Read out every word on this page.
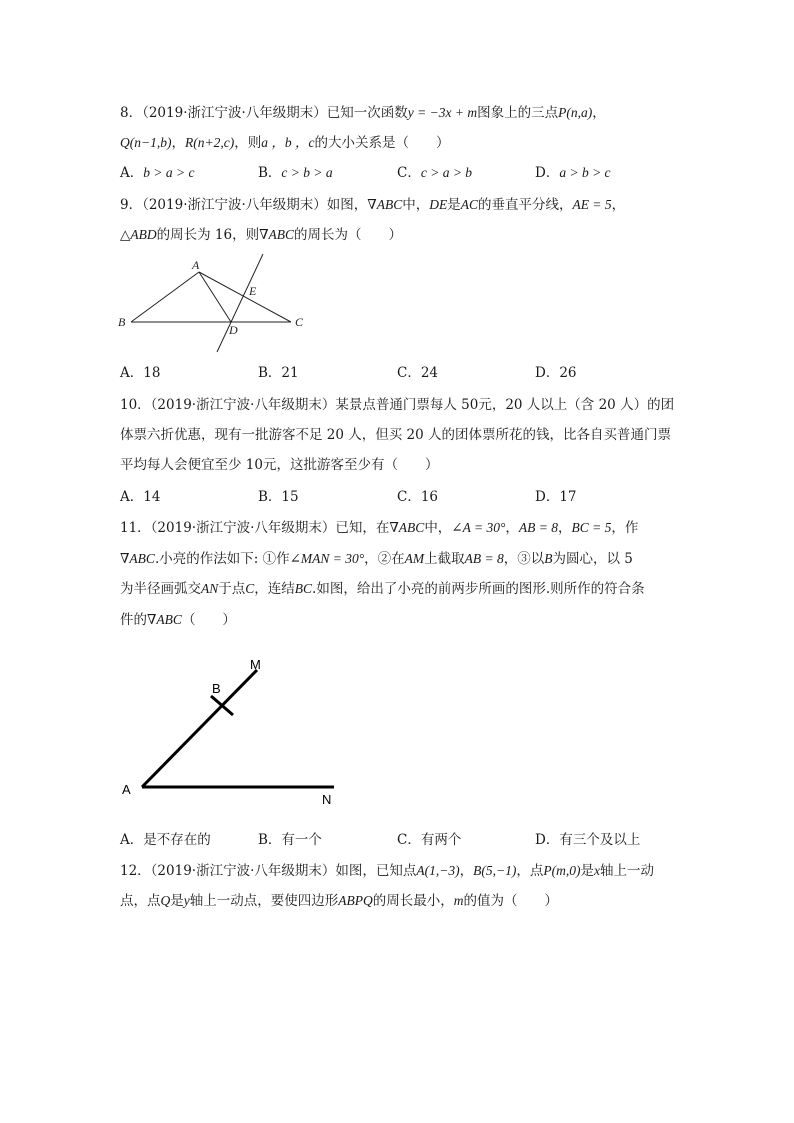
8．（2019·浙江宁波·八年级期末）已知一次函数y = −3x + m图象上的三点P(n,a)，
Q(n−1,b)，R(n+2,c)，则a ，b ，c的大小关系是（　　）
A．b > a > c	B．c > b > a	C．c > a > b	D．a > b > c
9．（2019·浙江宁波·八年级期末）如图，∇ABC中，DE是AC的垂直平分线，AE = 5，
△ABD的周长为 16，则∇ABC的周长为（　　）
A
B	C
D
E
A．18	B．21	C．24	D．26
10．（2019·浙江宁波·八年级期末）某景点普通门票每人 50元，20 人以上（含 20 人）的团
体票六折优惠，现有一批游客不足 20 人，但买 20 人的团体票所花的钱，比各自买普通门票
平均每人会便宜至少 10元，这批游客至少有（　　）
A．14	B．15	C．16	D．17
11．（2019·浙江宁波·八年级期末）已知，在∇ABC中，∠A = 30°，AB = 8，BC = 5，作
∇ABC.小亮的作法如下: ①作∠MAN = 30°，②在AM上截取AB = 8，③以B为圆心，以 5
为半径画弧交AN于点C，连结BC.如图，给出了小亮的前两步所画的图形.则所作的符合条
件的∇ABC（　　）
A
B
M
N
A．是不存在的	B．有一个	C．有两个	D．有三个及以上
12．（2019·浙江宁波·八年级期末）如图，已知点A(1,−3)，B(5,−1)，点P(m,0)是x轴上一动
点，点Q是y轴上一动点，要使四边形ABPQ的周长最小，m的值为（　　）
